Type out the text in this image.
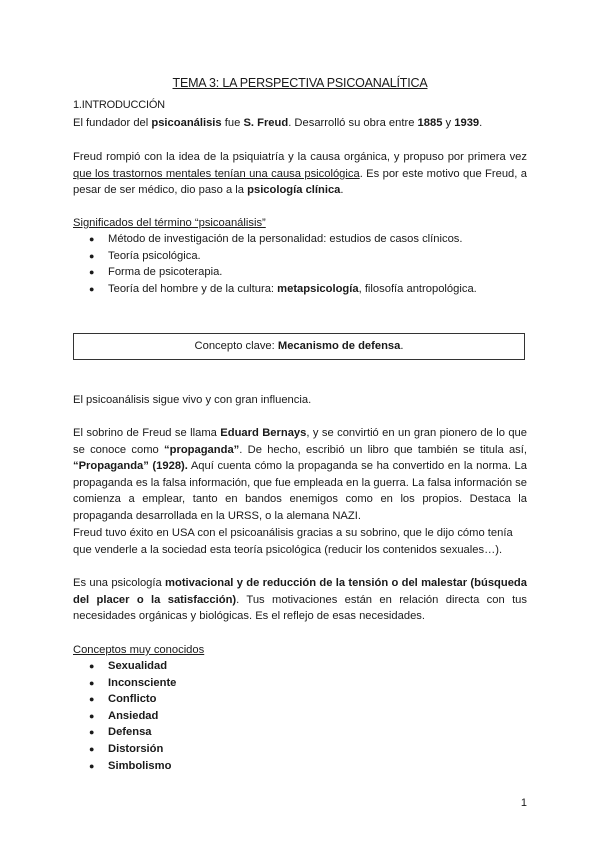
TEMA 3: LA PERSPECTIVA PSICOANALÍTICA
1.INTRODUCCIÓN
El fundador del psicoanálisis fue S. Freud. Desarrolló su obra entre 1885 y 1939.
Freud rompió con la idea de la psiquiatría y la causa orgánica, y propuso por primera vez que los trastornos mentales tenían una causa psicológica. Es por este motivo que Freud, a pesar de ser médico, dio paso a la psicología clínica.
Significados del término “psicoanálisis”
● Método de investigación de la personalidad: estudios de casos clínicos.
● Teoría psicológica.
● Forma de psicoterapia.
● Teoría del hombre y de la cultura: metapsicología, filosofía antropológica.
Concepto clave: Mecanismo de defensa.
El psicoanálisis sigue vivo y con gran influencia.
El sobrino de Freud se llama Eduard Bernays, y se convirtió en un gran pionero de lo que se conoce como “propaganda”. De hecho, escribió un libro que también se titula así, “Propaganda” (1928). Aquí cuenta cómo la propaganda se ha convertido en la norma. La propaganda es la falsa información, que fue empleada en la guerra. La falsa información se comienza a emplear, tanto en bandos enemigos como en los propios. Destaca la propaganda desarrollada en la URSS, o la alemana NAZI.
Freud tuvo éxito en USA con el psicoanálisis gracias a su sobrino, que le dijo cómo tenía que venderle a la sociedad esta teoría psicológica (reducir los contenidos sexuales…).
Es una psicología motivacional y de reducción de la tensión o del malestar (búsqueda del placer o la satisfacción). Tus motivaciones están en relación directa con tus necesidades orgánicas y biológicas. Es el reflejo de esas necesidades.
Conceptos muy conocidos
● Sexualidad
● Inconsciente
● Conflicto
● Ansiedad
● Defensa
● Distorsión
● Simbolismo
1
